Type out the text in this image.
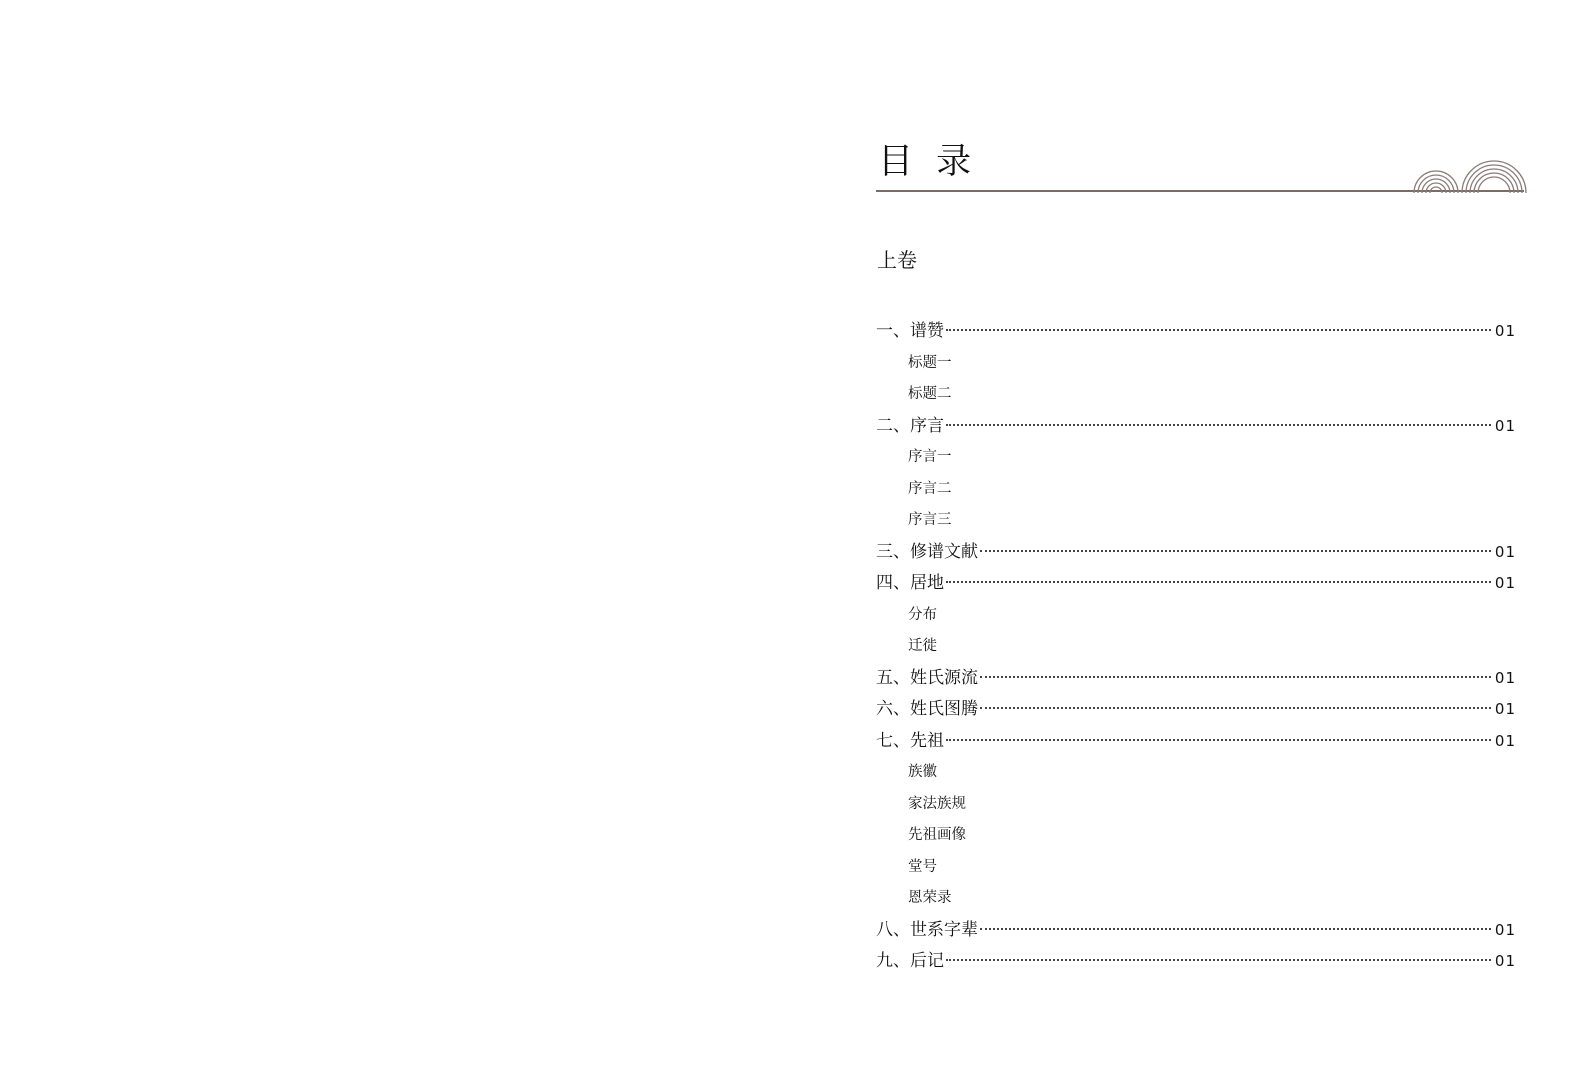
目 录
上卷
一、谱赞	01
标题一
标题二
二、序言	01
序言一
序言二
序言三
三、修谱文献	01
四、居地	01
分布
迁徙
五、姓氏源流	01
六、姓氏图腾	01
七、先祖	01
族徽
家法族规
先祖画像
堂号
恩荣录
八、世系字辈	01
九、后记	01
